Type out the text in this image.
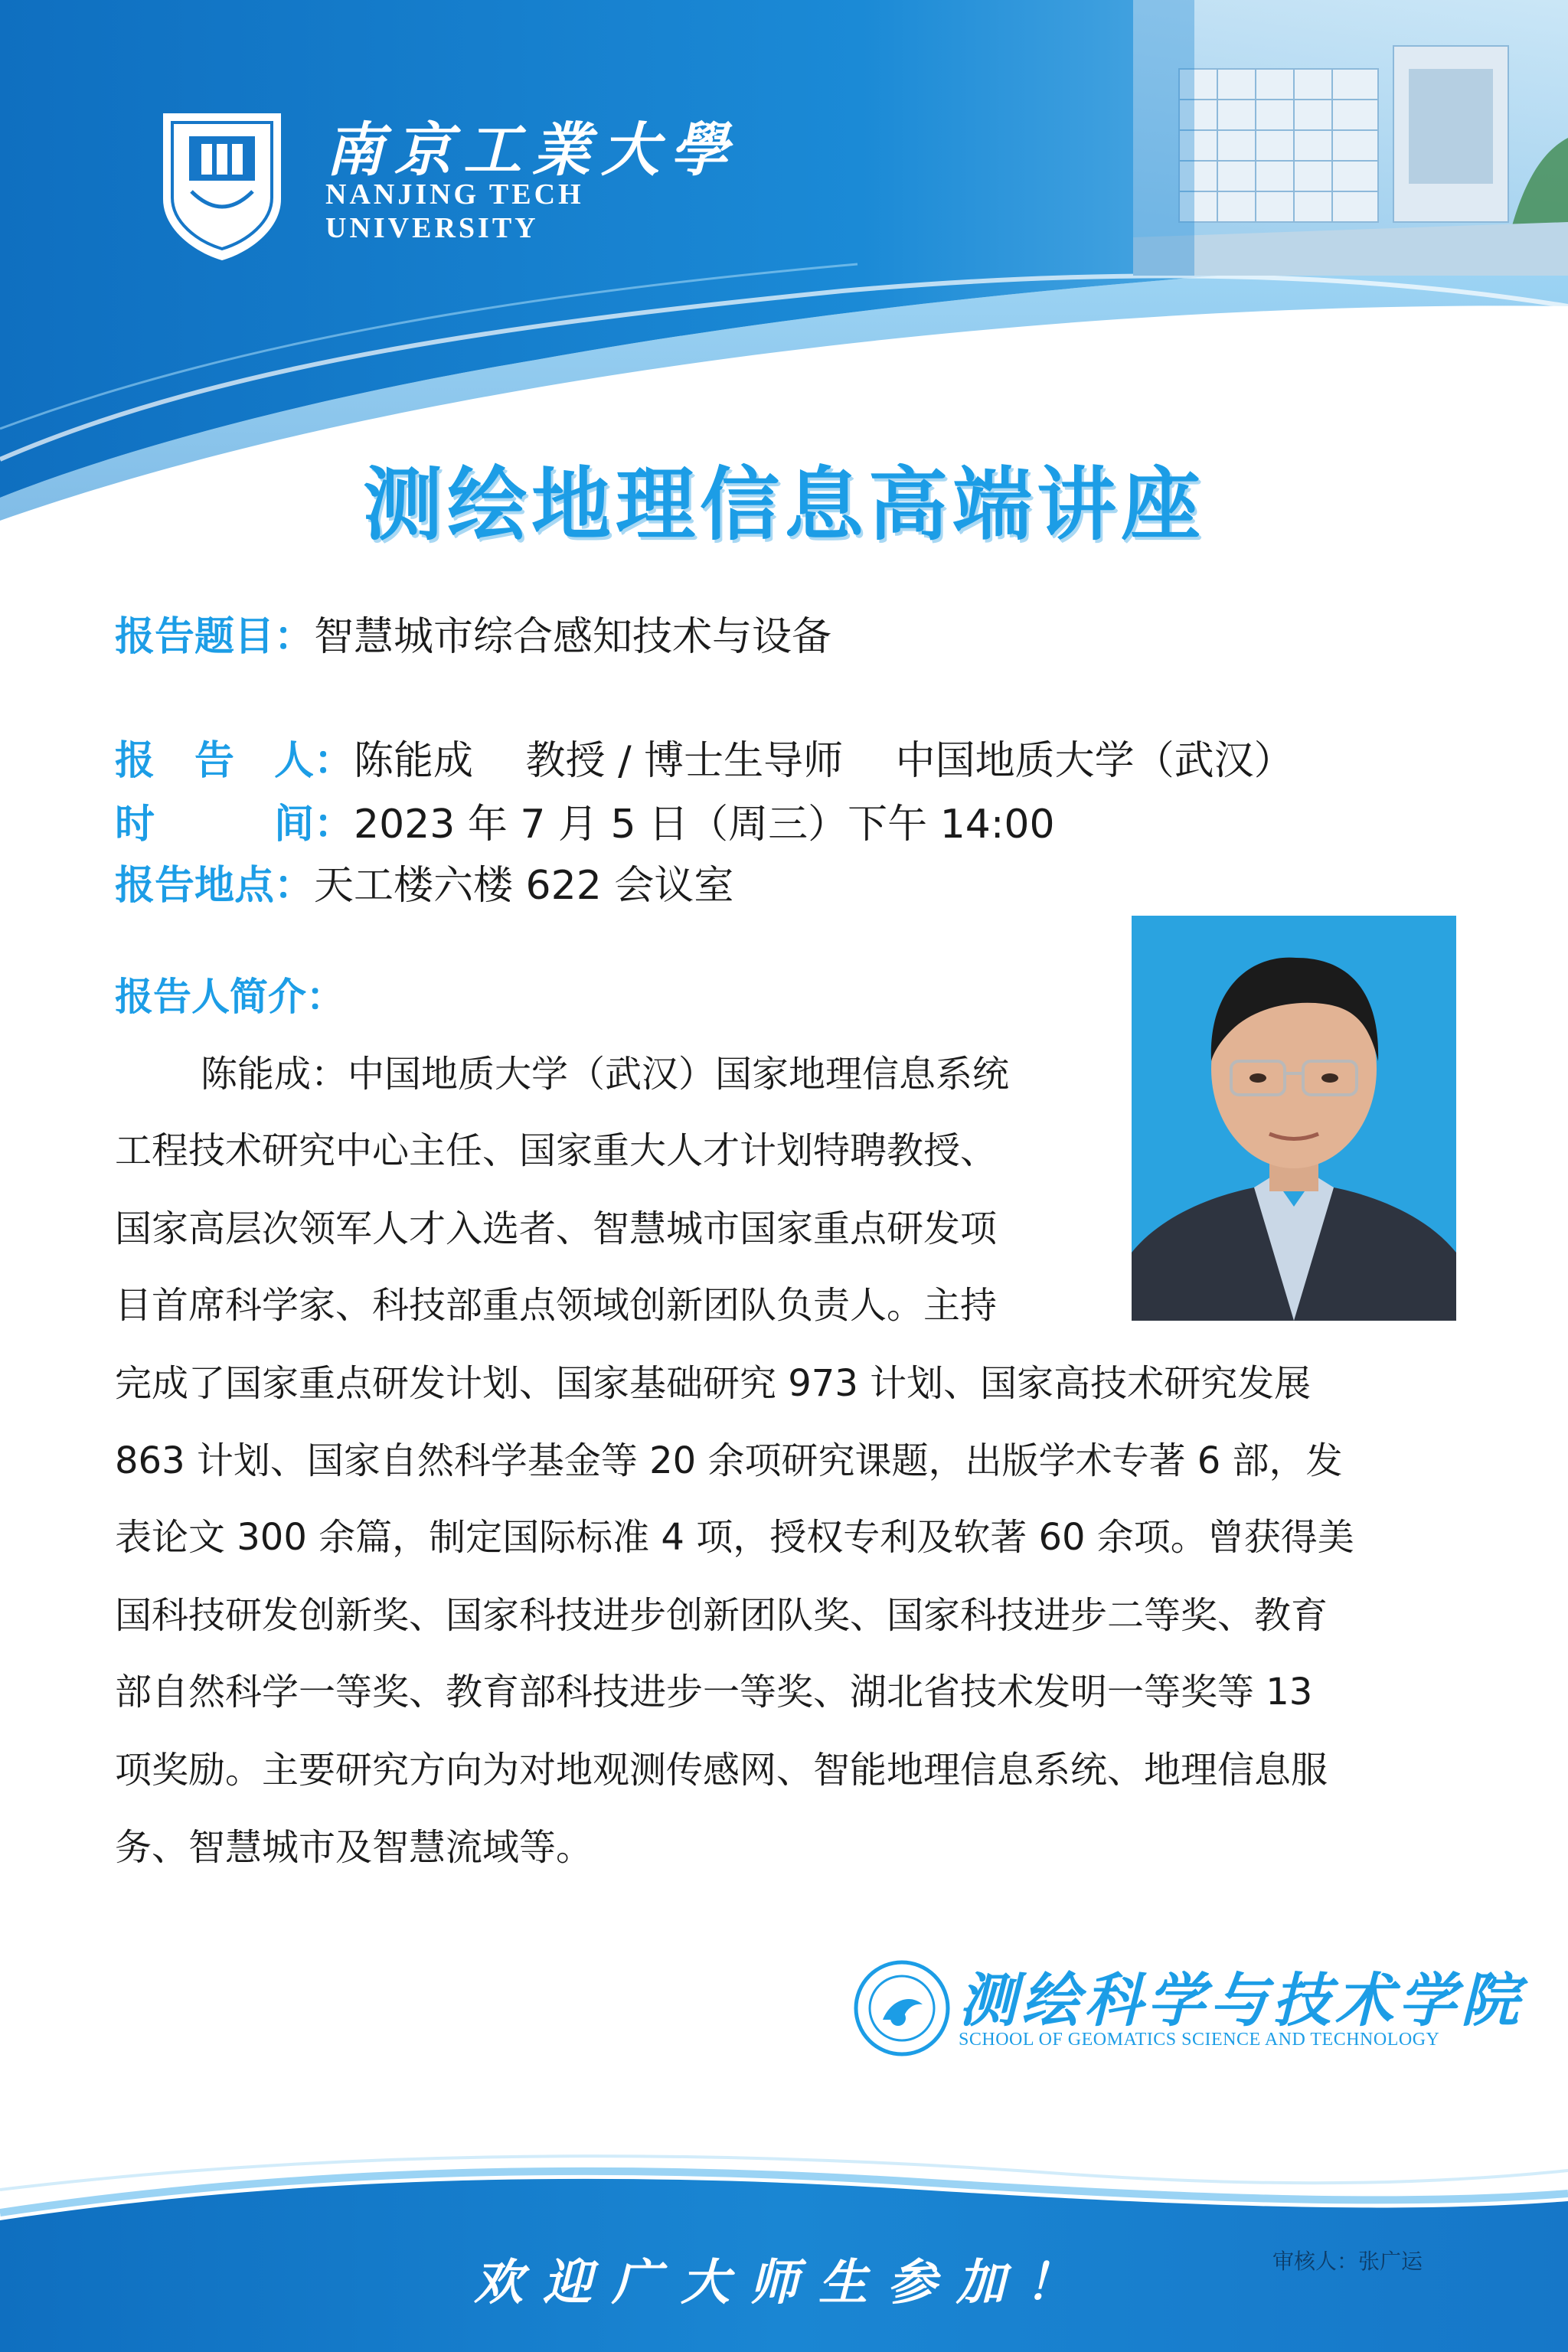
南京工業大學
NANJING TECH
UNIVERSITY
测绘地理信息高端讲座
报告题目：智慧城市综合感知技术与设备
报　告　人：陈能成　 教授 / 博士生导师　 中国地质大学（武汉）
时　　　间：2023 年 7 月 5 日（周三）下午 14:00
报告地点：天工楼六楼 622 会议室
报告人简介：
陈能成：中国地质大学（武汉）国家地理信息系统
工程技术研究中心主任、国家重大人才计划特聘教授、
国家高层次领军人才入选者、智慧城市国家重点研发项
目首席科学家、科技部重点领域创新团队负责人。主持
完成了国家重点研发计划、国家基础研究 973 计划、国家高技术研究发展
863 计划、国家自然科学基金等 20 余项研究课题，出版学术专著 6 部，发
表论文 300 余篇，制定国际标准 4 项，授权专利及软著 60 余项。曾获得美
国科技研发创新奖、国家科技进步创新团队奖、国家科技进步二等奖、教育
部自然科学一等奖、教育部科技进步一等奖、湖北省技术发明一等奖等 13
项奖励。主要研究方向为对地观测传感网、智能地理信息系统、地理信息服
务、智慧城市及智慧流域等。
测绘科学与技术学院
SCHOOL OF GEOMATICS SCIENCE AND TECHNOLOGY
欢迎广大师生参加！	审核人：张广运
